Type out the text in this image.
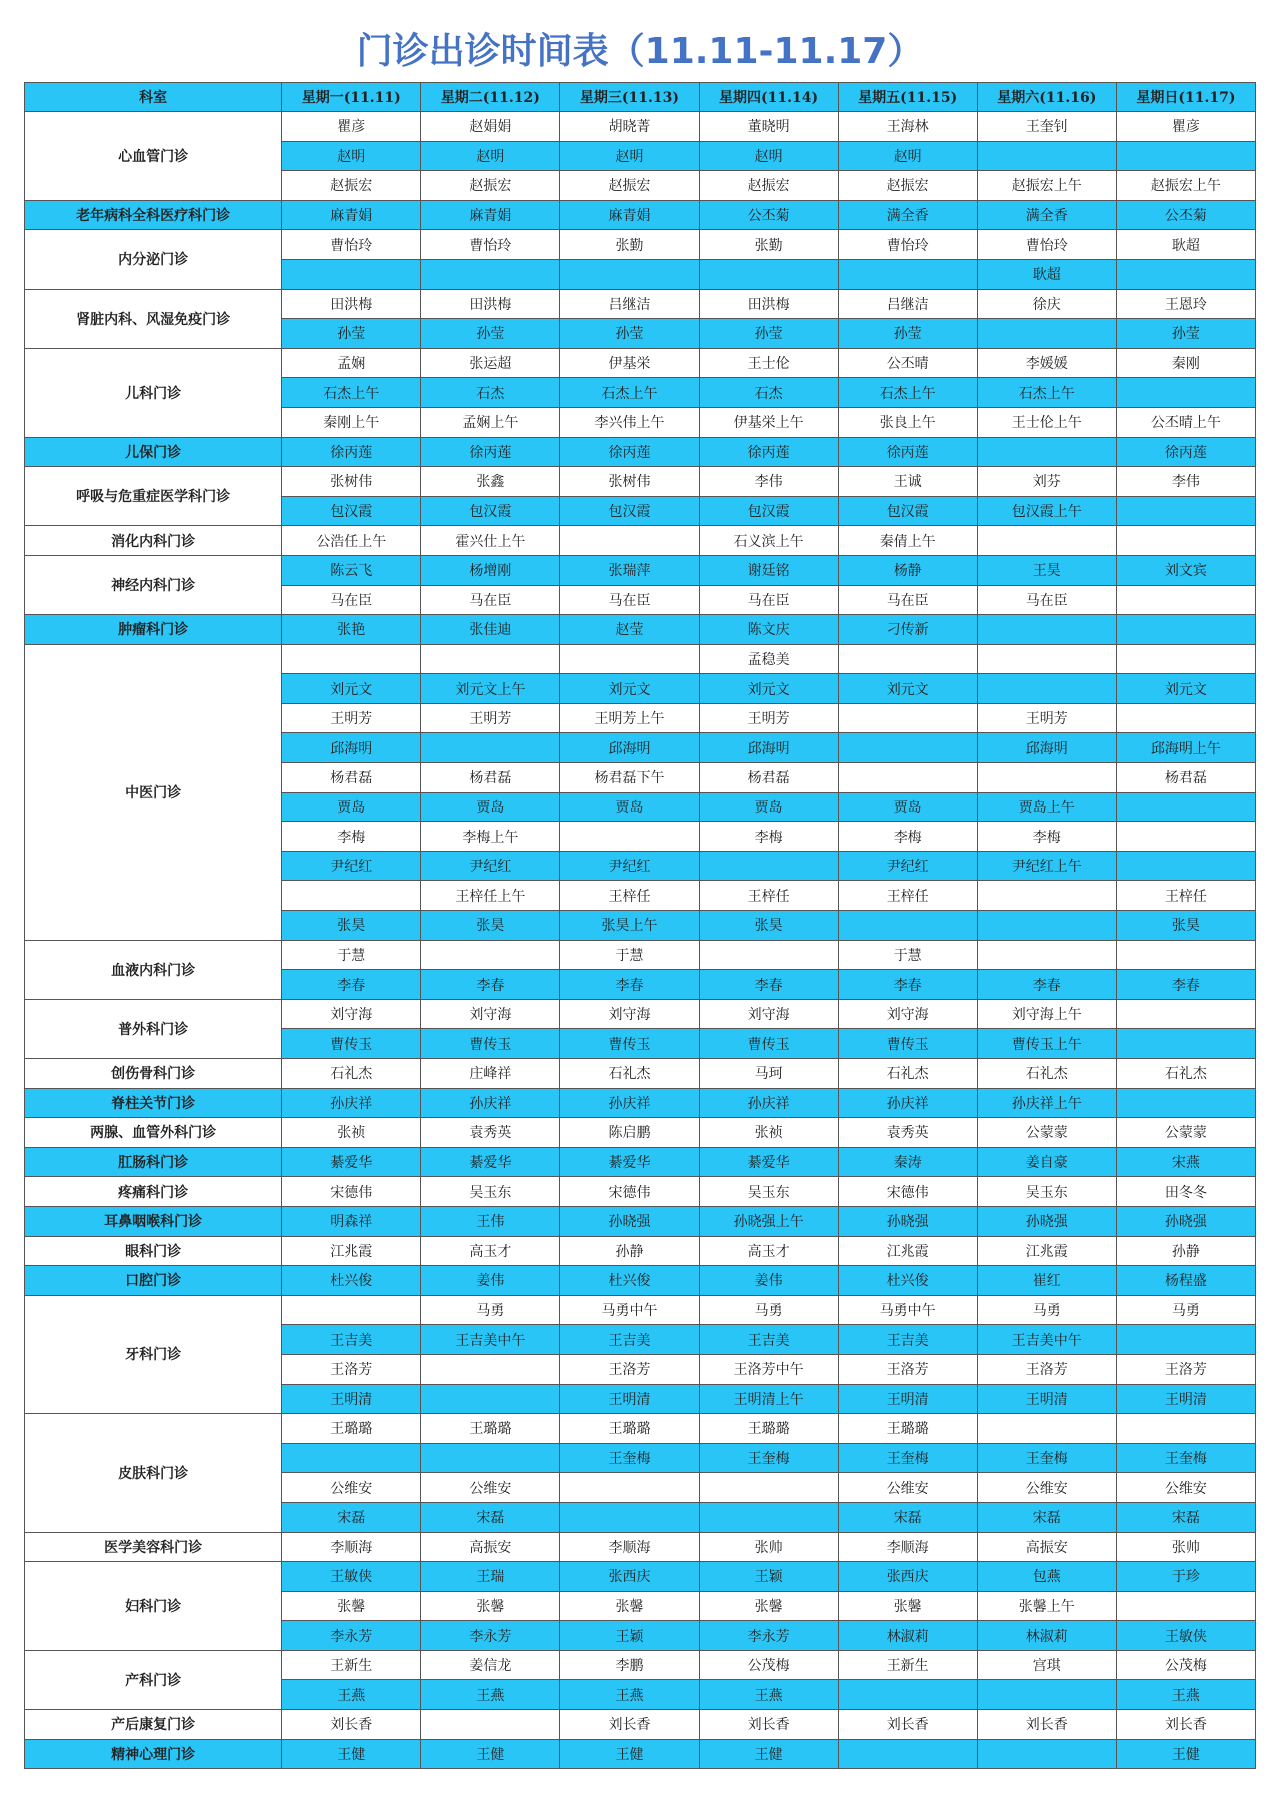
门诊出诊时间表（11.11-11.17）
科室	星期一(11.11)	星期二(11.12)	星期三(11.13)	星期四(11.14)	星期五(11.15)	星期六(11.16)	星期日(11.17)
心血管门诊	瞿彦	赵娟娟	胡晓菁	董晓明	王海林	王奎钊	瞿彦
	赵明	赵明	赵明	赵明	赵明		
	赵振宏	赵振宏	赵振宏	赵振宏	赵振宏	赵振宏上午	赵振宏上午
老年病科全科医疗科门诊	麻青娟	麻青娟	麻青娟	公丕菊	满全香	满全香	公丕菊
内分泌门诊	曹怡玲	曹怡玲	张勤	张勤	曹怡玲	曹怡玲	耿超
						耿超	
肾脏内科、风湿免疫门诊	田洪梅	田洪梅	吕继洁	田洪梅	吕继洁	徐庆	王恩玲
	孙莹	孙莹	孙莹	孙莹	孙莹		孙莹
儿科门诊	孟娴	张运超	伊基栄	王士伦	公丕晴	李媛媛	秦刚
	石杰上午	石杰	石杰上午	石杰	石杰上午	石杰上午	
	秦刚上午	孟娴上午	李兴伟上午	伊基栄上午	张良上午	王士伦上午	公丕晴上午
儿保门诊	徐丙莲	徐丙莲	徐丙莲	徐丙莲	徐丙莲		徐丙莲
呼吸与危重症医学科门诊	张树伟	张鑫	张树伟	李伟	王诚	刘芬	李伟
	包汉霞	包汉霞	包汉霞	包汉霞	包汉霞	包汉霞上午	
消化内科门诊	公浩任上午	霍兴仕上午		石义滨上午	秦倩上午		
神经内科门诊	陈云飞	杨增刚	张瑞萍	谢廷铭	杨静	王昊	刘文宾
	马在臣	马在臣	马在臣	马在臣	马在臣	马在臣	
肿瘤科门诊	张艳	张佳迪	赵莹	陈文庆	刁传新		
中医门诊				孟稳美			
	刘元文	刘元文上午	刘元文	刘元文	刘元文		刘元文
	王明芳	王明芳	王明芳上午	王明芳		王明芳	
	邱海明		邱海明	邱海明		邱海明	邱海明上午
	杨君磊	杨君磊	杨君磊下午	杨君磊			杨君磊
	贾岛	贾岛	贾岛	贾岛	贾岛	贾岛上午	
	李梅	李梅上午		李梅	李梅	李梅	
	尹纪红	尹纪红	尹纪红		尹纪红	尹纪红上午	
		王梓任上午	王梓任	王梓任	王梓任		王梓任
	张昊	张昊	张昊上午	张昊			张昊
血液内科门诊	于慧		于慧		于慧		
	李春	李春	李春	李春	李春	李春	李春
普外科门诊	刘守海	刘守海	刘守海	刘守海	刘守海	刘守海上午	
	曹传玉	曹传玉	曹传玉	曹传玉	曹传玉	曹传玉上午	
创伤骨科门诊	石礼杰	庄峰祥	石礼杰	马珂	石礼杰	石礼杰	石礼杰
脊柱关节门诊	孙庆祥	孙庆祥	孙庆祥	孙庆祥	孙庆祥	孙庆祥上午	
两腺、血管外科门诊	张祯	袁秀英	陈启鹏	张祯	袁秀英	公蒙蒙	公蒙蒙
肛肠科门诊	綦爱华	綦爱华	綦爱华	綦爱华	秦涛	姜自豪	宋燕
疼痛科门诊	宋德伟	吴玉东	宋德伟	吴玉东	宋德伟	吴玉东	田冬冬
耳鼻咽喉科门诊	明森祥	王伟	孙晓强	孙晓强上午	孙晓强	孙晓强	孙晓强
眼科门诊	江兆霞	高玉才	孙静	高玉才	江兆霞	江兆霞	孙静
口腔门诊	杜兴俊	姜伟	杜兴俊	姜伟	杜兴俊	崔红	杨程盛
牙科门诊		马勇	马勇中午	马勇	马勇中午	马勇	马勇
	王吉美	王吉美中午	王吉美	王吉美	王吉美	王吉美中午	
	王洛芳		王洛芳	王洛芳中午	王洛芳	王洛芳	王洛芳
	王明清		王明清	王明清上午	王明清	王明清	王明清
皮肤科门诊	王璐璐	王璐璐	王璐璐	王璐璐	王璐璐		
			王奎梅	王奎梅	王奎梅	王奎梅	王奎梅
	公维安	公维安			公维安	公维安	公维安
	宋磊	宋磊			宋磊	宋磊	宋磊
医学美容科门诊	李顺海	高振安	李顺海	张帅	李顺海	高振安	张帅
妇科门诊	王敏侠	王瑞	张西庆	王颖	张西庆	包燕	于珍
	张馨	张馨	张馨	张馨	张馨	张馨上午	
	李永芳	李永芳	王颖	李永芳	林淑莉	林淑莉	王敏侠
产科门诊	王新生	姜信龙	李鹏	公茂梅	王新生	宫琪	公茂梅
	王燕	王燕	王燕	王燕			王燕
产后康复门诊	刘长香		刘长香	刘长香	刘长香	刘长香	刘长香
精神心理门诊	王健	王健	王健	王健			王健
